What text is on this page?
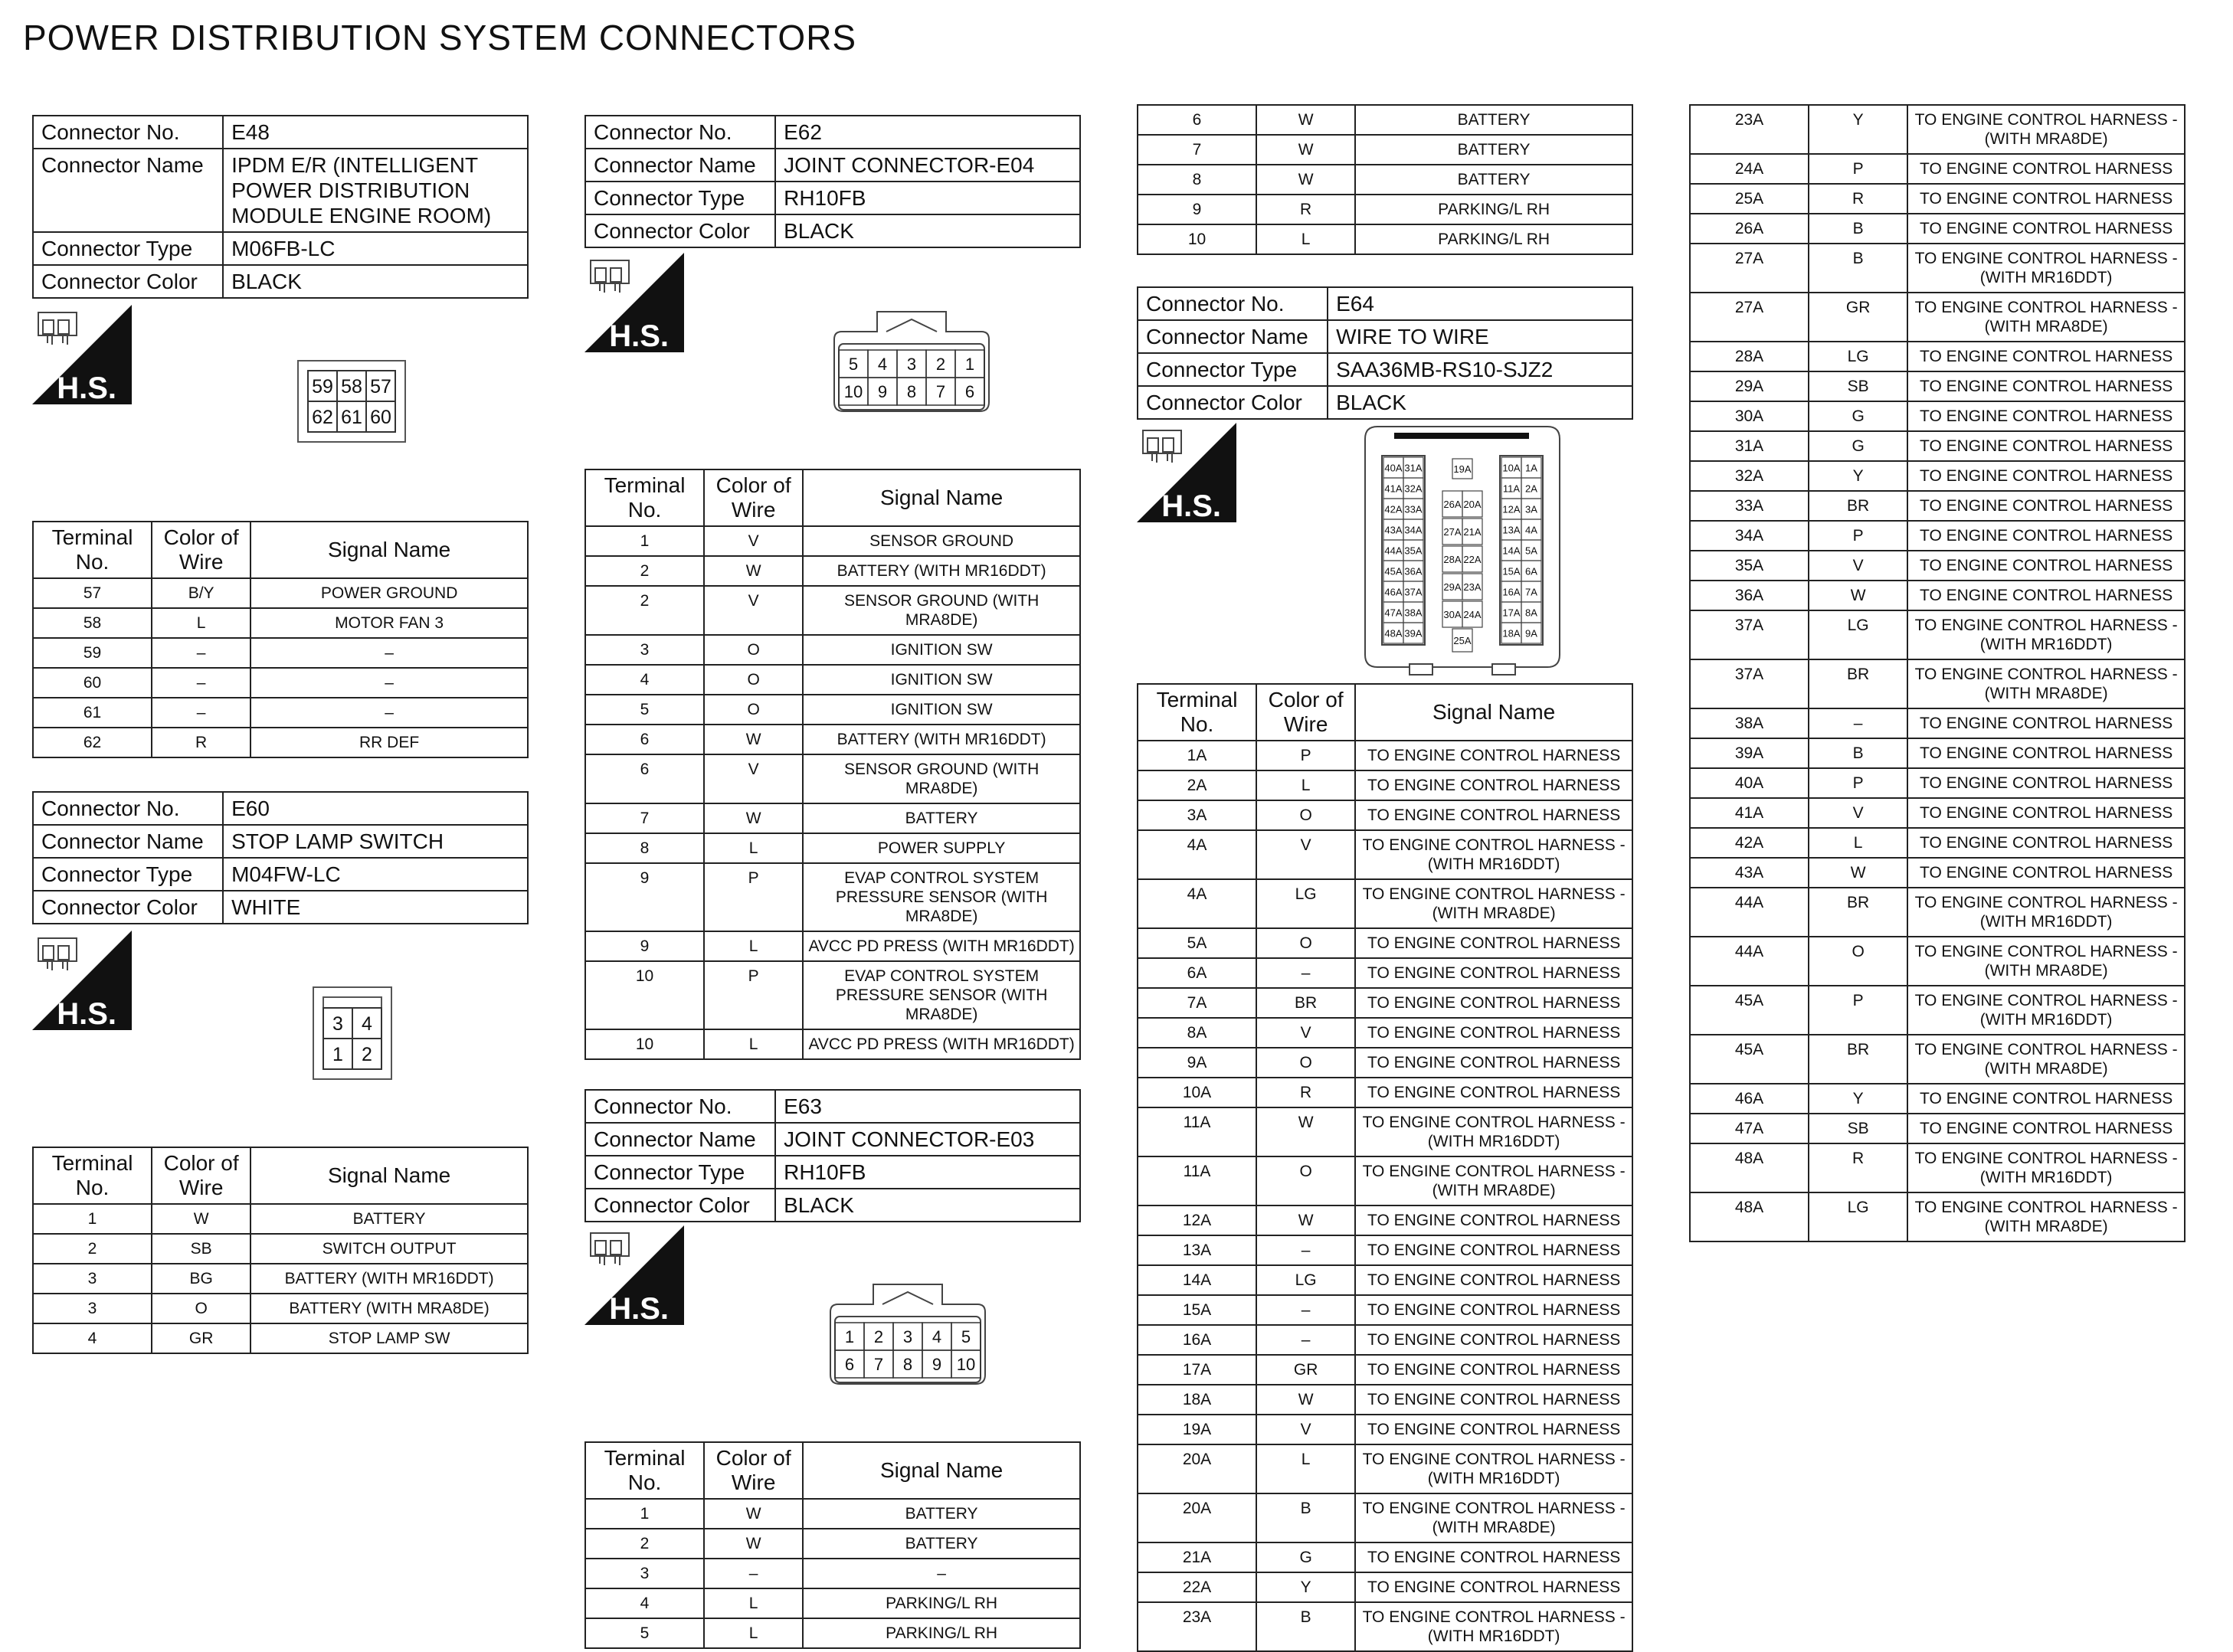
POWER DISTRIBUTION SYSTEM CONNECTORS
Connector No.	E48
Connector Name	IPDM E/R (INTELLIGENT POWER DISTRIBUTION MODULE ENGINE ROOM)
Connector Type	M06FB-LC
Connector Color	BLACK
H.S.	59 58 57
62 61 60
Terminal No.	Color of Wire	Signal Name
57	B/Y	POWER GROUND
58	L	MOTOR FAN 3
59	–	–
60	–	–
61	–	–
62	R	RR DEF
Connector No.	E60
Connector Name	STOP LAMP SWITCH
Connector Type	M04FW-LC
Connector Color	WHITE
H.S.	3 4
1 2
Terminal No.	Color of Wire	Signal Name
1	W	BATTERY
2	SB	SWITCH OUTPUT
3	BG	BATTERY (WITH MR16DDT)
3	O	BATTERY (WITH MRA8DE)
4	GR	STOP LAMP SW
Connector No.	E62
Connector Name	JOINT CONNECTOR-E04
Connector Type	RH10FB
Connector Color	BLACK
H.S.
5 4 3 2 1
10 9 8 7 6
Terminal No.	Color of Wire	Signal Name
1	V	SENSOR GROUND
2	W	BATTERY (WITH MR16DDT)
2	V	SENSOR GROUND (WITH MRA8DE)
3	O	IGNITION SW
4	O	IGNITION SW
5	O	IGNITION SW
6	W	BATTERY (WITH MR16DDT)
6	V	SENSOR GROUND (WITH MRA8DE)
7	W	BATTERY
8	L	POWER SUPPLY
9	P	EVAP CONTROL SYSTEM PRESSURE SENSOR (WITH MRA8DE)
9	L	AVCC PD PRESS (WITH MR16DDT)
10	P	EVAP CONTROL SYSTEM PRESSURE SENSOR (WITH MRA8DE)
10	L	AVCC PD PRESS (WITH MR16DDT)
Connector No.	E63
Connector Name	JOINT CONNECTOR-E03
Connector Type	RH10FB
Connector Color	BLACK
H.S.
1 2 3 4 5
6 7 8 9 10
Terminal No.	Color of Wire	Signal Name
1	W	BATTERY
2	W	BATTERY
3	–	–
4	L	PARKING/L RH
5	L	PARKING/L RH
6	W	BATTERY
7	W	BATTERY
8	W	BATTERY
9	R	PARKING/L RH
10	L	PARKING/L RH
Connector No.	E64
Connector Name	WIRE TO WIRE
Connector Type	SAA36MB-RS10-SJZ2
Connector Color	BLACK
H.S.
40A 31A
41A 32A
42A 33A
43A 34A
44A 35A
45A 36A
46A 37A
47A 38A
48A 39A
10A 1A
11A 2A
12A 3A
13A 4A
14A 5A
15A 6A
16A 7A
17A 8A
18A 9A
19A
26A 20A
27A 21A
28A 22A
29A 23A
30A 24A
25A
Terminal No.	Color of Wire	Signal Name
1A	P	TO ENGINE CONTROL HARNESS
2A	L	TO ENGINE CONTROL HARNESS
3A	O	TO ENGINE CONTROL HARNESS
4A	V	TO ENGINE CONTROL HARNESS - (WITH MR16DDT)
4A	LG	TO ENGINE CONTROL HARNESS - (WITH MRA8DE)
5A	O	TO ENGINE CONTROL HARNESS
6A	–	TO ENGINE CONTROL HARNESS
7A	BR	TO ENGINE CONTROL HARNESS
8A	V	TO ENGINE CONTROL HARNESS
9A	O	TO ENGINE CONTROL HARNESS
10A	R	TO ENGINE CONTROL HARNESS
11A	W	TO ENGINE CONTROL HARNESS - (WITH MR16DDT)
11A	O	TO ENGINE CONTROL HARNESS - (WITH MRA8DE)
12A	W	TO ENGINE CONTROL HARNESS
13A	–	TO ENGINE CONTROL HARNESS
14A	LG	TO ENGINE CONTROL HARNESS
15A	–	TO ENGINE CONTROL HARNESS
16A	–	TO ENGINE CONTROL HARNESS
17A	GR	TO ENGINE CONTROL HARNESS
18A	W	TO ENGINE CONTROL HARNESS
19A	V	TO ENGINE CONTROL HARNESS
20A	L	TO ENGINE CONTROL HARNESS - (WITH MR16DDT)
20A	B	TO ENGINE CONTROL HARNESS - (WITH MRA8DE)
21A	G	TO ENGINE CONTROL HARNESS
22A	Y	TO ENGINE CONTROL HARNESS
23A	B	TO ENGINE CONTROL HARNESS - (WITH MR16DDT)
23A	Y	TO ENGINE CONTROL HARNESS - (WITH MRA8DE)
24A	P	TO ENGINE CONTROL HARNESS
25A	R	TO ENGINE CONTROL HARNESS
26A	B	TO ENGINE CONTROL HARNESS
27A	B	TO ENGINE CONTROL HARNESS - (WITH MR16DDT)
27A	GR	TO ENGINE CONTROL HARNESS - (WITH MRA8DE)
28A	LG	TO ENGINE CONTROL HARNESS
29A	SB	TO ENGINE CONTROL HARNESS
30A	G	TO ENGINE CONTROL HARNESS
31A	G	TO ENGINE CONTROL HARNESS
32A	Y	TO ENGINE CONTROL HARNESS
33A	BR	TO ENGINE CONTROL HARNESS
34A	P	TO ENGINE CONTROL HARNESS
35A	V	TO ENGINE CONTROL HARNESS
36A	W	TO ENGINE CONTROL HARNESS
37A	LG	TO ENGINE CONTROL HARNESS - (WITH MR16DDT)
37A	BR	TO ENGINE CONTROL HARNESS - (WITH MRA8DE)
38A	–	TO ENGINE CONTROL HARNESS
39A	B	TO ENGINE CONTROL HARNESS
40A	P	TO ENGINE CONTROL HARNESS
41A	V	TO ENGINE CONTROL HARNESS
42A	L	TO ENGINE CONTROL HARNESS
43A	W	TO ENGINE CONTROL HARNESS
44A	BR	TO ENGINE CONTROL HARNESS - (WITH MR16DDT)
44A	O	TO ENGINE CONTROL HARNESS - (WITH MRA8DE)
45A	P	TO ENGINE CONTROL HARNESS - (WITH MR16DDT)
45A	BR	TO ENGINE CONTROL HARNESS - (WITH MRA8DE)
46A	Y	TO ENGINE CONTROL HARNESS
47A	SB	TO ENGINE CONTROL HARNESS
48A	R	TO ENGINE CONTROL HARNESS - (WITH MR16DDT)
48A	LG	TO ENGINE CONTROL HARNESS - (WITH MRA8DE)
